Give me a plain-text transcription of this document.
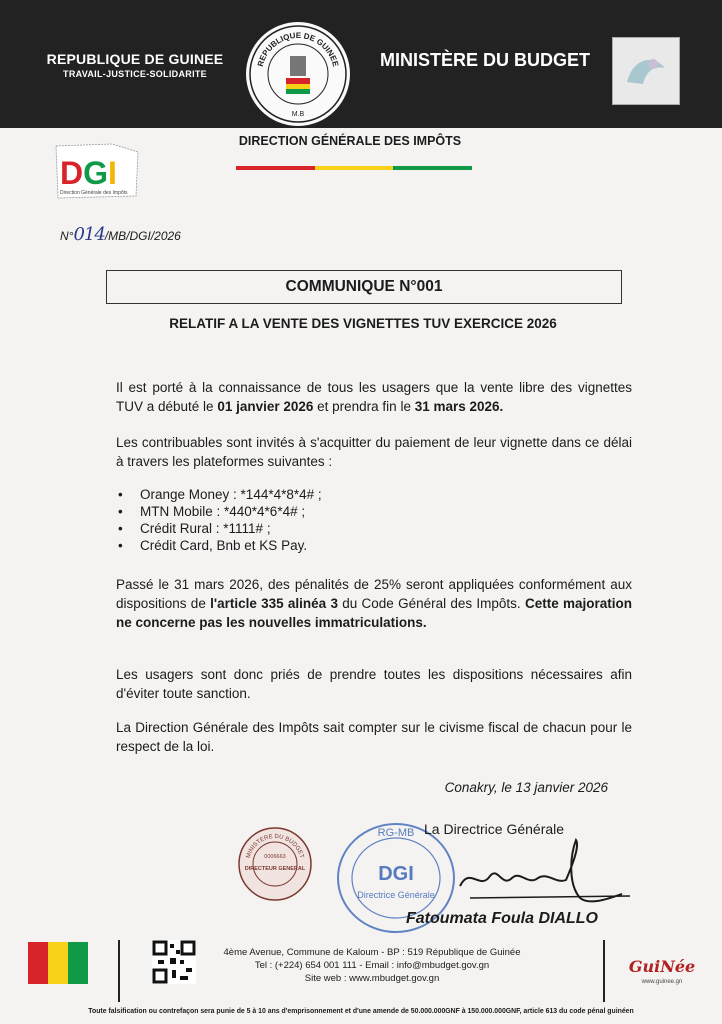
REPUBLIQUE DE GUINEE
TRAVAIL-JUSTICE-SOLIDARITE
REPUBLIQUE DE GUINEE
M.B
MINISTÈRE DU BUDGET
DGI
Direction Générale des Impôts
DIRECTION GÉNÉRALE DES IMPÔTS
N°014/MB/DGI/2026
COMMUNIQUE N°001
RELATIF A LA VENTE DES VIGNETTES TUV EXERCICE 2026
Il est porté à la connaissance de tous les usagers que la vente libre des vignettes TUV a débuté le 01 janvier 2026 et prendra fin le 31 mars 2026.
Les contribuables sont invités à s'acquitter du paiement de leur vignette dans ce délai à travers les plateformes suivantes :
• Orange Money : *144*4*8*4# ;
• MTN Mobile : *440*4*6*4# ;
• Crédit Rural : *1111# ;
• Crédit Card, Bnb et KS Pay.
Passé le 31 mars 2026, des pénalités de 25% seront appliquées conformément aux dispositions de l'article 335 alinéa 3 du Code Général des Impôts. Cette majoration ne concerne pas les nouvelles immatriculations.
Les usagers sont donc priés de prendre toutes les dispositions nécessaires afin d'éviter toute sanction.
La Direction Générale des Impôts sait compter sur le civisme fiscal de chacun pour le respect de la loi.
Conakry, le 13 janvier 2026
MINISTERE DU BUDGET
0006663
DIRECTEUR GENERAL
RG-MB
DGI
Directrice Générale
La Directrice Générale
Fatoumata Foula DIALLO
4ème Avenue, Commune de Kaloum - BP : 519 République de Guinée
Tel : (+224) 654 001 111 - Email : info@mbudget.gov.gn
Site web : www.mbudget.gov.gn
GuiNée
www.guinee.gn
Toute falsification ou contrefaçon sera punie de 5 à 10 ans d'emprisonnement et d'une amende de 50.000.000GNF à 150.000.000GNF, article 613 du code pénal guinéen
